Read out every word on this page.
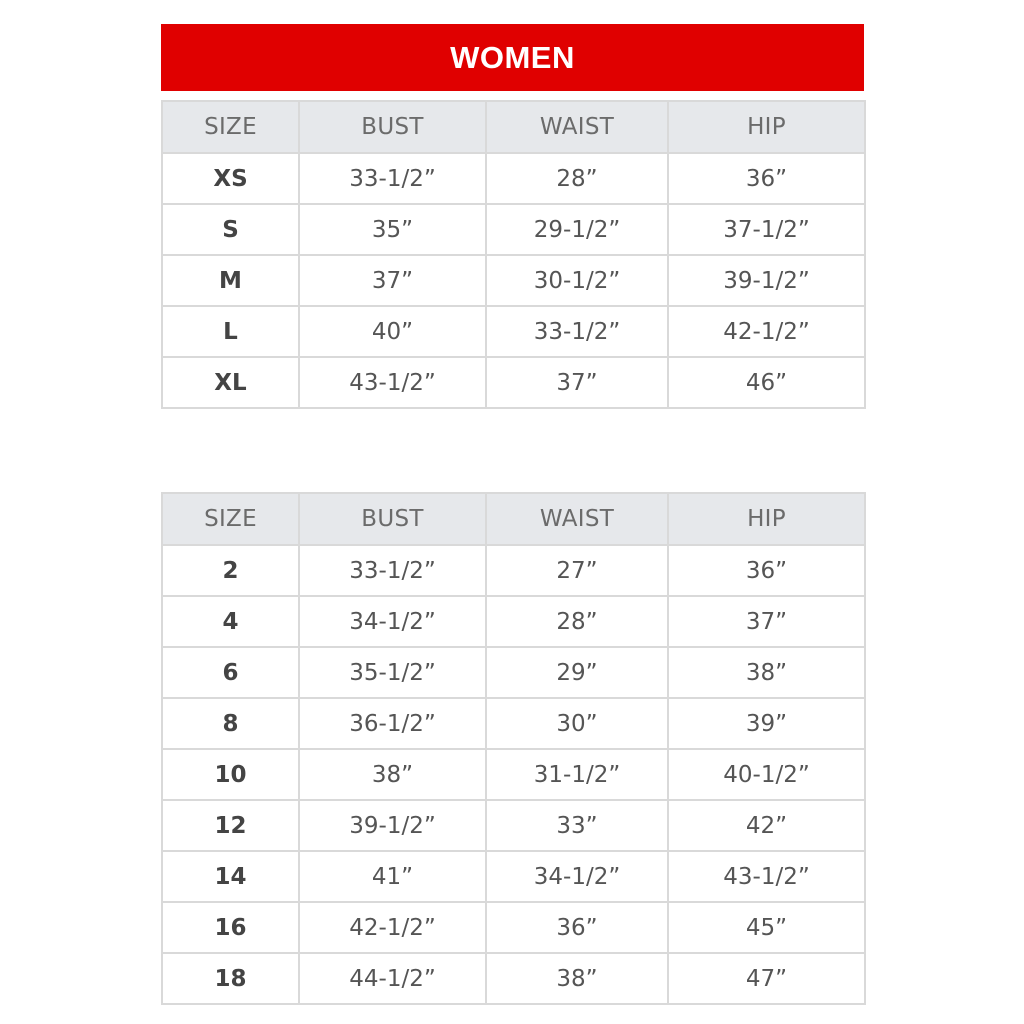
WOMEN
SIZE	BUST	WAIST	HIP
XS	33-1/2”	28”	36”
S	35”	29-1/2”	37-1/2”
M	37”	30-1/2”	39-1/2”
L	40”	33-1/2”	42-1/2”
XL	43-1/2”	37”	46”
SIZE	BUST	WAIST	HIP
2	33-1/2”	27”	36”
4	34-1/2”	28”	37”
6	35-1/2”	29”	38”
8	36-1/2”	30”	39”
10	38”	31-1/2”	40-1/2”
12	39-1/2”	33”	42”
14	41”	34-1/2”	43-1/2”
16	42-1/2”	36”	45”
18	44-1/2”	38”	47”
